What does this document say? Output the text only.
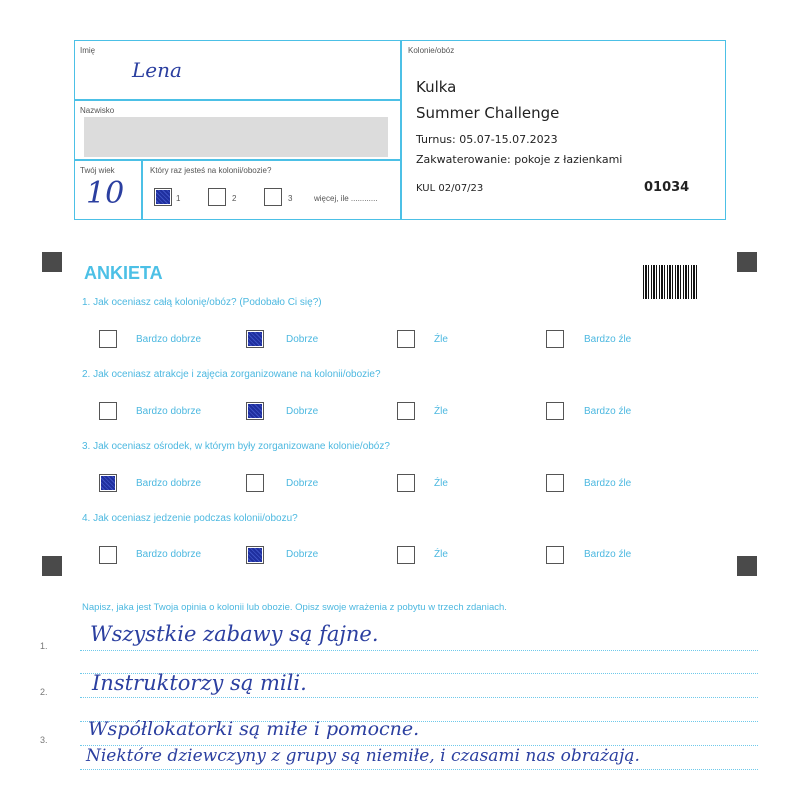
Imię
Lena
Nazwisko
Twój wiek
10
Który raz jesteś na kolonii/obozie?
1	2	3	więcej, ile ............
Kolonie/obóz
Kulka
Summer Challenge
Turnus: 05.07-15.07.2023
Zakwaterowanie: pokoje z łazienkami
KUL 02/07/23	01034
ANKIETA
1. Jak oceniasz całą kolonię/obóz? (Podobało Ci się?)
Bardzo dobrze	Dobrze	Źle	Bardzo źle
2. Jak oceniasz atrakcje i zajęcia zorganizowane na kolonii/obozie?
Bardzo dobrze	Dobrze	Źle	Bardzo źle
3. Jak oceniasz ośrodek, w którym były zorganizowane kolonie/obóz?
Bardzo dobrze	Dobrze	Źle	Bardzo źle
4. Jak oceniasz jedzenie podczas kolonii/obozu?
Bardzo dobrze	Dobrze	Źle	Bardzo źle
Napisz, jaka jest Twoja opinia o kolonii lub obozie. Opisz swoje wrażenia z pobytu w trzech zdaniach.
1.
2.
3.
Wszystkie zabawy są fajne.
Instruktorzy są mili.
Współlokatorki są miłe i pomocne.
Niektóre dziewczyny z grupy są niemiłe, i czasami nas obrażają.
